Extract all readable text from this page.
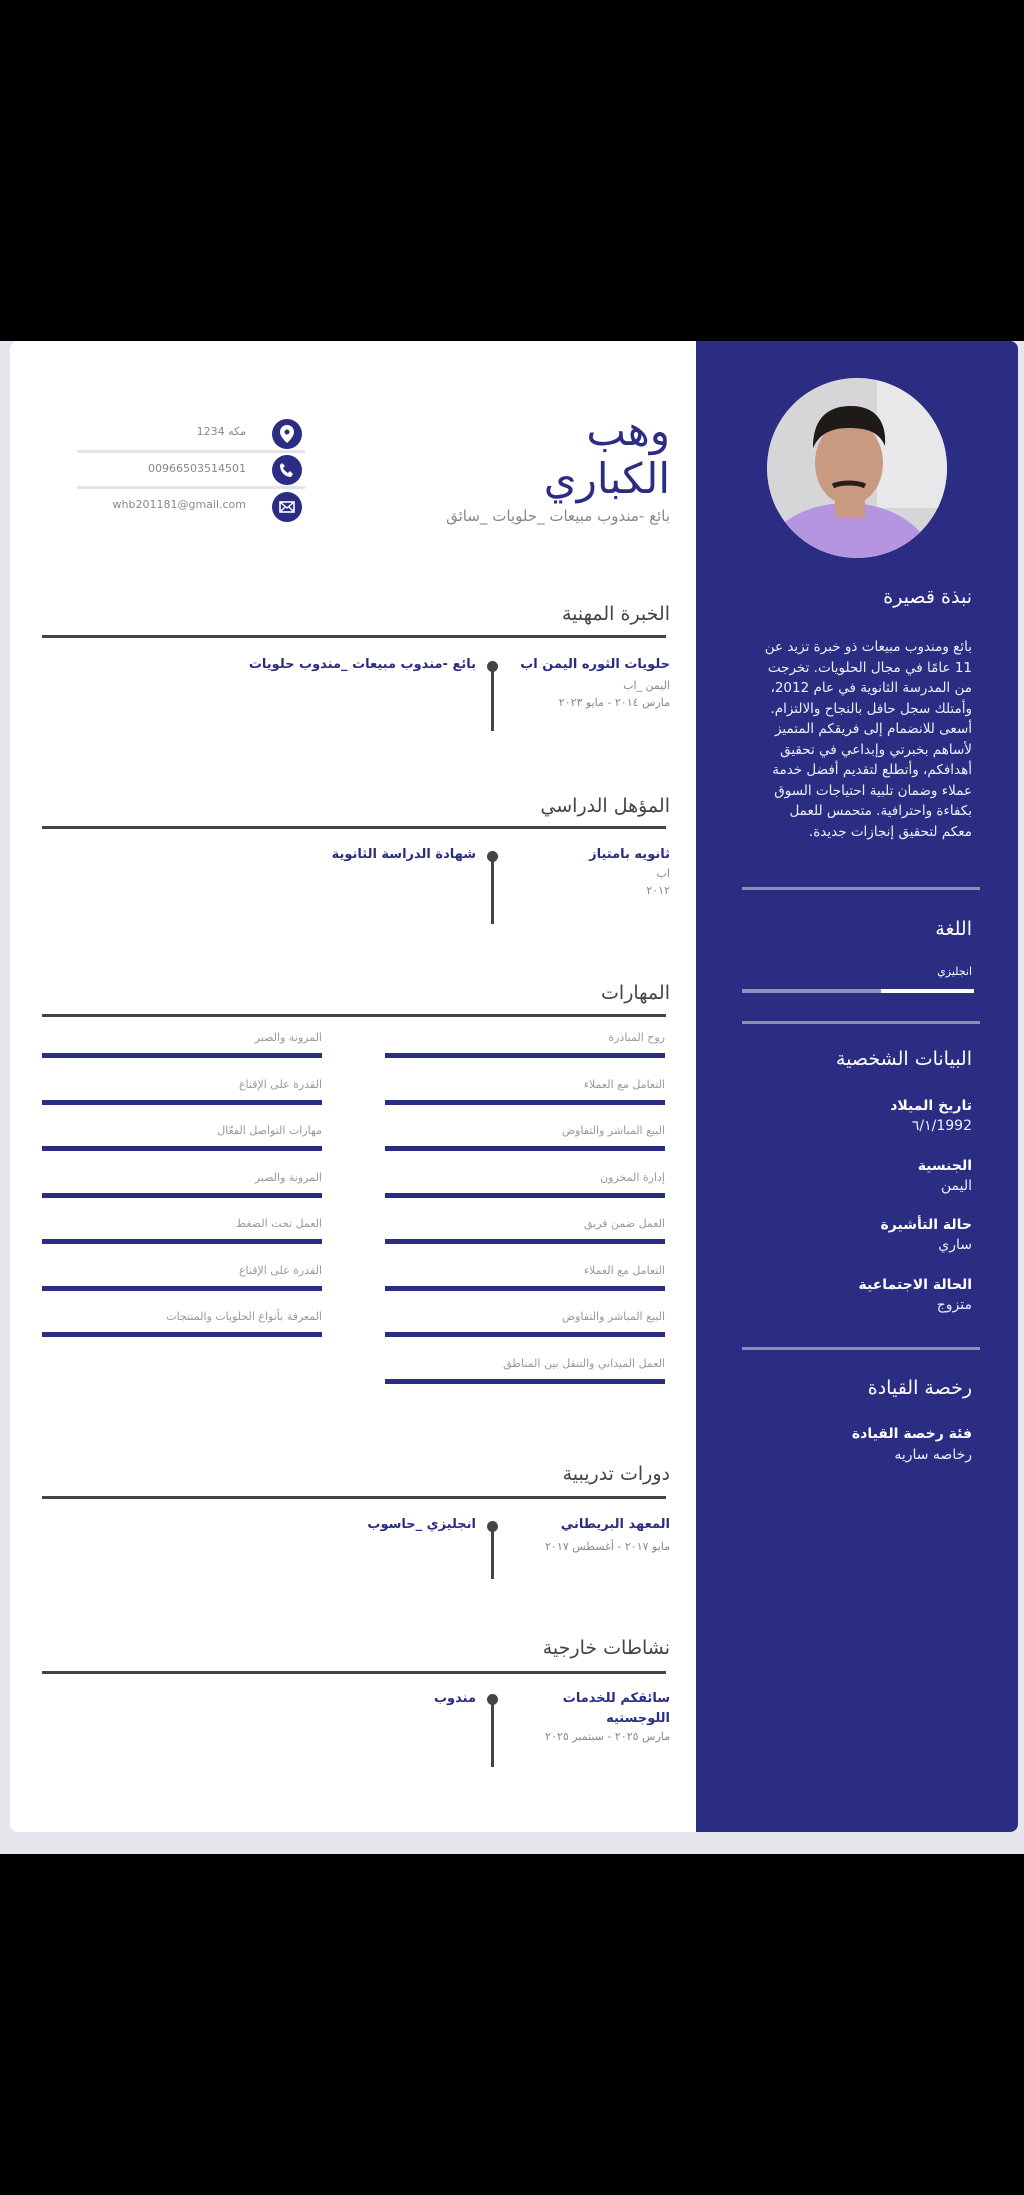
مكه 1234
00966503514501
whb201181@gmail.com
وهب
الكباري
بائع -مندوب مبيعات _حلويات _سائق
الخبرة المهنية
حلويات الثوره اليمن اب
اليمن _اب
مارس ٢٠١٤ - مايو ٢٠٢٣
بائع -مندوب مبيعات _مندوب حلويات
المؤهل الدراسي
ثانويه بامتياز
اب
٢٠١٢
شهادة الدراسة الثانوية
المهارات
روح المبادرة
التعامل مع العملاء
البيع المباشر والتفاوض
إدارة المخزون
العمل ضمن فريق
التعامل مع العملاء
البيع المباشر والتفاوض
العمل الميداني والتنقل بين المناطق
المرونة والصبر
القدرة على الإقناع
مهارات التواصل الفعّال
المرونة والصبر
العمل تحت الضغط
القدرة على الإقناع
المعرفة بأنواع الحلويات والمنتجات
دورات تدريبية
المعهد البريطاني
مايو ٢٠١٧ - أغسطس ٢٠١٧
انجليزي _حاسوب
نشاطات خارجية
سائقكم للخدمات
اللوجستيه
مارس ٢٠٢٥ - سبتمبر ٢٠٢٥
مندوب
نبذة قصيرة
بائع ومندوب مبيعات ذو خبرة تزيد عن
11 عامًا في مجال الحلويات. تخرجت
من المدرسة الثانوية في عام 2012،
وأمتلك سجل حافل بالنجاح والالتزام.
أسعى للانضمام إلى فريقكم المتميز
لأساهم بخبرتي وإبداعي في تحقيق
أهدافكم، وأتطلع لتقديم أفضل خدمة
عملاء وضمان تلبية احتياجات السوق
بكفاءة واحترافية. متحمس للعمل
معكم لتحقيق إنجازات جديدة.
اللغة
انجليزي
البيانات الشخصية
تاريخ الميلاد
1992/٦/١
الجنسية
اليمن
حالة التأشيرة
ساري
الحالة الاجتماعية
متزوج
رخصة القيادة
فئة رخصة القيادة
رخاصه ساريه
